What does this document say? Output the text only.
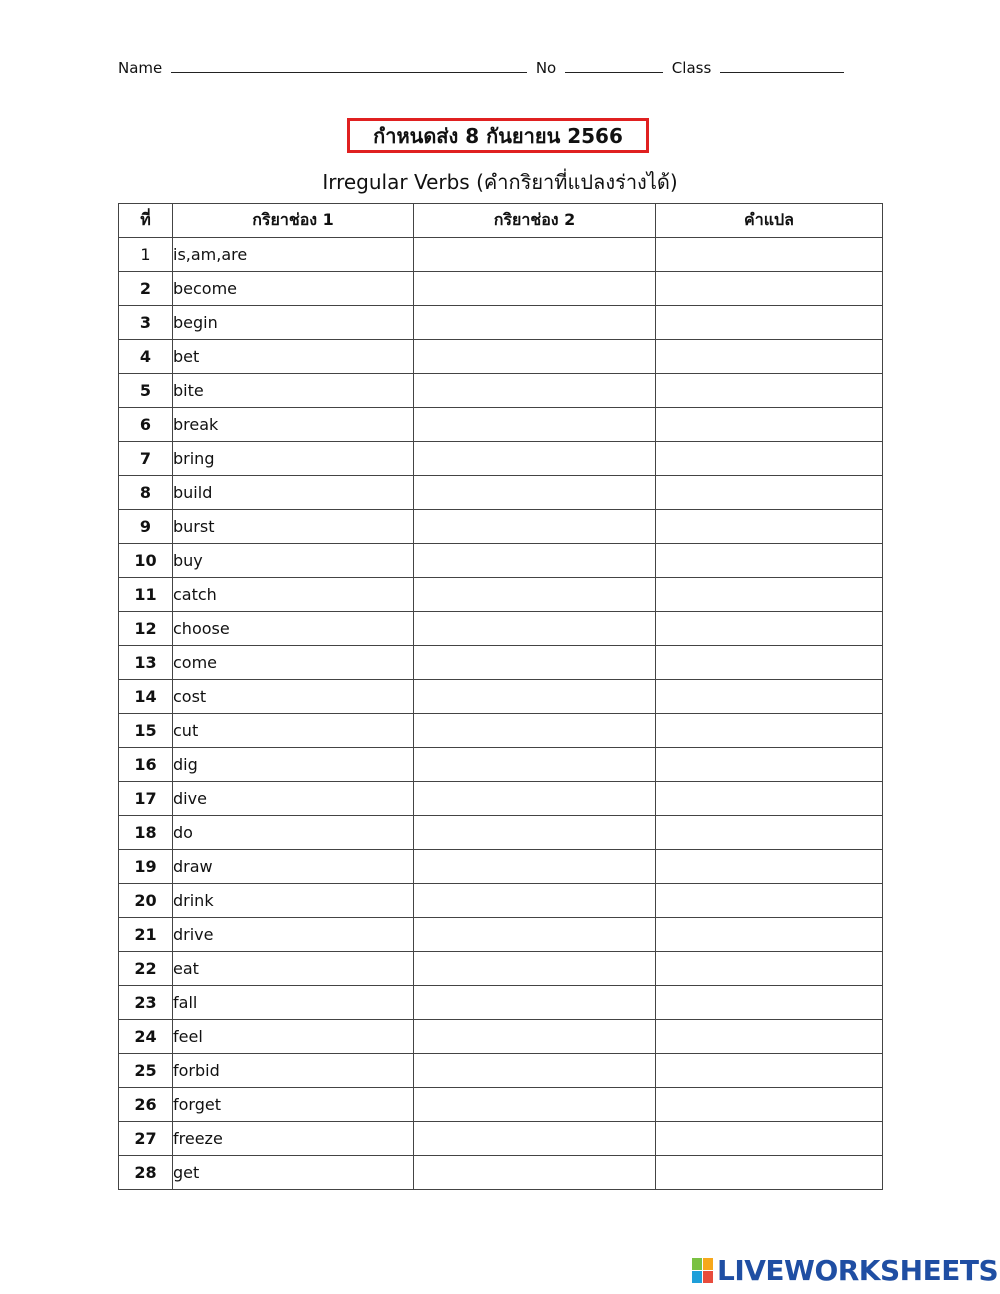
Name	No	Class
กำหนดส่ง 8 กันยายน 2566
Irregular Verbs (คำกริยาที่แปลงร่างได้)
ที่	กริยาช่อง 1	กริยาช่อง 2	คำแปล
1	is,am,are		
2	become		
3	begin		
4	bet		
5	bite		
6	break		
7	bring		
8	build		
9	burst		
10	buy		
11	catch		
12	choose		
13	come		
14	cost		
15	cut		
16	dig		
17	dive		
18	do		
19	draw		
20	drink		
21	drive		
22	eat		
23	fall		
24	feel		
25	forbid		
26	forget		
27	freeze		
28	get		
LIVEWORKSHEETS
